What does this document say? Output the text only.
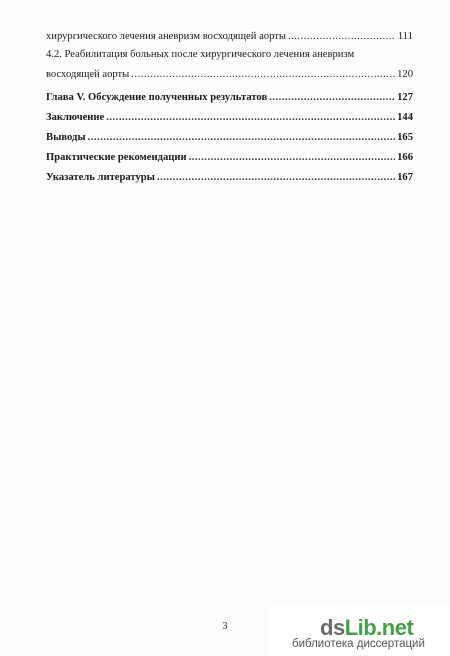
хирургического лечения аневризм восходящей аорты .....	111
4.2. Реабилитация больных после хирургического лечения аневризм
восходящей аорты .....	120
Глава V. Обсуждение полученных результатов .....	127
Заключение .....	144
Выводы .....	165
Практические рекомендации .....	166
Указатель литературы .....	167
3	dsLib.net
библиотека диссертаций
